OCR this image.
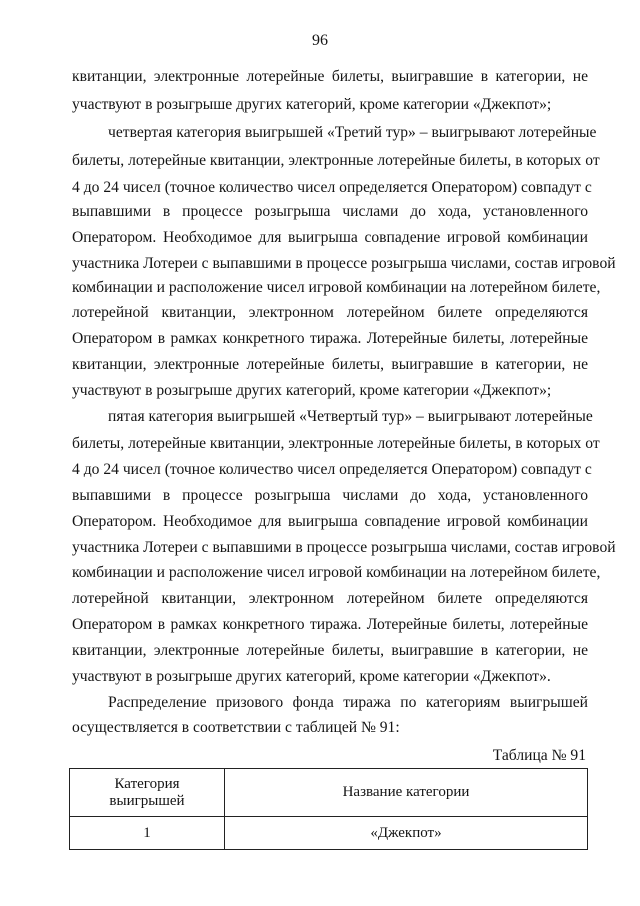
96
квитанции, электронные лотерейные билеты, выигравшие в категории, не
участвуют в розыгрыше других категорий, кроме категории «Джекпот»;
четвертая категория выигрышей «Третий тур» – выигрывают лотерейные
билеты, лотерейные квитанции, электронные лотерейные билеты, в которых от
4 до 24 чисел (точное количество чисел определяется Оператором) совпадут с
выпавшими в процессе розыгрыша числами до хода, установленного
Оператором. Необходимое для выигрыша совпадение игровой комбинации
участника Лотереи с выпавшими в процессе розыгрыша числами, состав игровой
комбинации и расположение чисел игровой комбинации на лотерейном билете,
лотерейной квитанции, электронном лотерейном билете определяются
Оператором в рамках конкретного тиража. Лотерейные билеты, лотерейные
квитанции, электронные лотерейные билеты, выигравшие в категории, не
участвуют в розыгрыше других категорий, кроме категории «Джекпот»;
пятая категория выигрышей «Четвертый тур» – выигрывают лотерейные
билеты, лотерейные квитанции, электронные лотерейные билеты, в которых от
4 до 24 чисел (точное количество чисел определяется Оператором) совпадут с
выпавшими в процессе розыгрыша числами до хода, установленного
Оператором. Необходимое для выигрыша совпадение игровой комбинации
участника Лотереи с выпавшими в процессе розыгрыша числами, состав игровой
комбинации и расположение чисел игровой комбинации на лотерейном билете,
лотерейной квитанции, электронном лотерейном билете определяются
Оператором в рамках конкретного тиража. Лотерейные билеты, лотерейные
квитанции, электронные лотерейные билеты, выигравшие в категории, не
участвуют в розыгрыше других категорий, кроме категории «Джекпот».
Распределение призового фонда тиража по категориям выигрышей
осуществляется в соответствии с таблицей № 91:
Таблица № 91
Категория
выигрышей	Название категории
1	«Джекпот»
